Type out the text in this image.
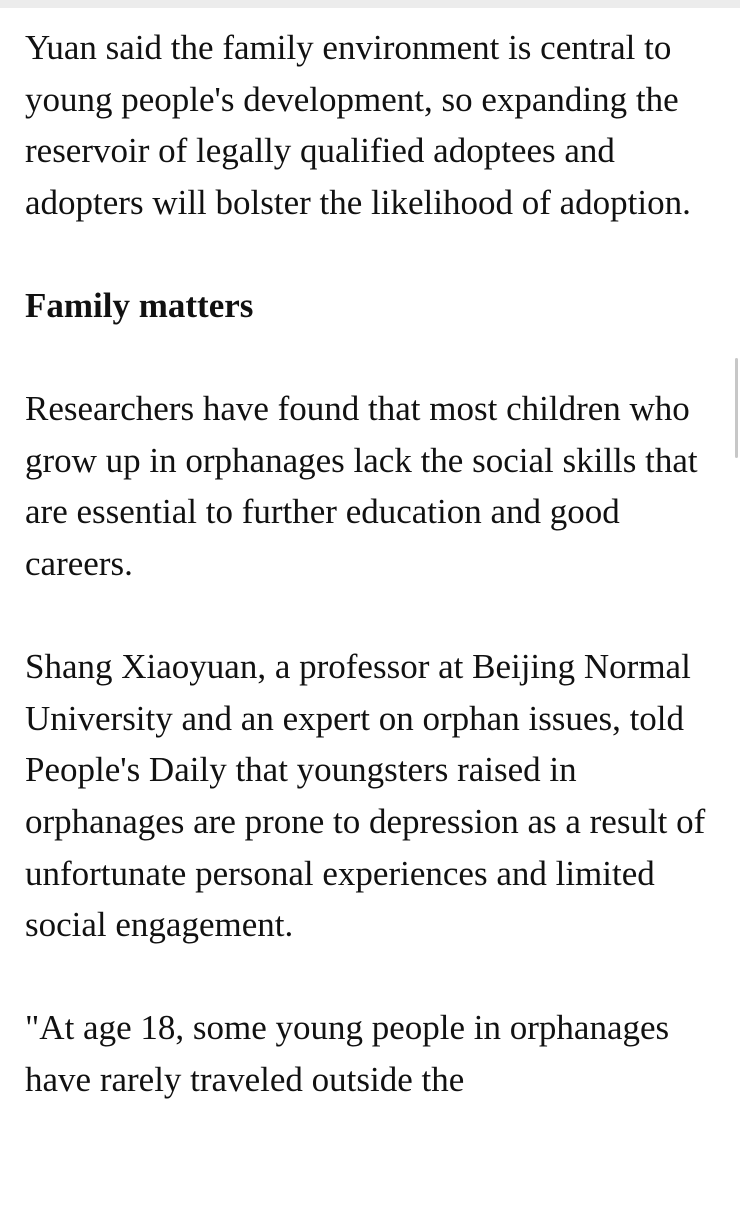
Yuan said the family environment is central to young people's development, so expanding the reservoir of legally qualified adoptees and adopters will bolster the likelihood of adoption.

Family matters

Researchers have found that most children who grow up in orphanages lack the social skills that are essential to further education and good careers.

Shang Xiaoyuan, a professor at Beijing Normal University and an expert on orphan issues, told People's Daily that youngsters raised in orphanages are prone to depression as a result of unfortunate personal experiences and limited social engagement.

"At age 18, some young people in orphanages have rarely traveled outside the
